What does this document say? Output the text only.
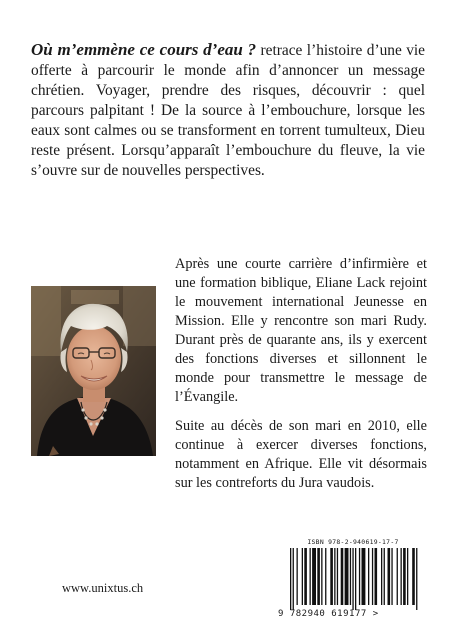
Où m’emmène ce cours d’eau ? retrace l’histoire d’une vie offerte à parcourir le monde afin d’annoncer un message chrétien. Voyager, prendre des risques, découvrir : quel parcours palpitant ! De la source à l’embouchure, lorsque les eaux sont calmes ou se transforment en torrent tumulteux, Dieu reste présent. Lorsqu’apparaît l’embouchure du fleuve, la vie s’ouvre sur de nouvelles perspectives.

Après une courte carrière d’infirmière et une formation biblique, Eliane Lack rejoint le mouvement international Jeunesse en Mission. Elle y rencontre son mari Rudy. Durant près de quarante ans, ils y exercent des fonctions diverses et sillonnent le monde pour transmettre le message de l’Évangile.

Suite au décès de son mari en 2010, elle continue à exercer diverses fonctions, notamment en Afrique. Elle vit désormais sur les contreforts du Jura vaudois.

www.unixtus.ch

ISBN 978-2-940619-17-7
9 782940 619177 >
